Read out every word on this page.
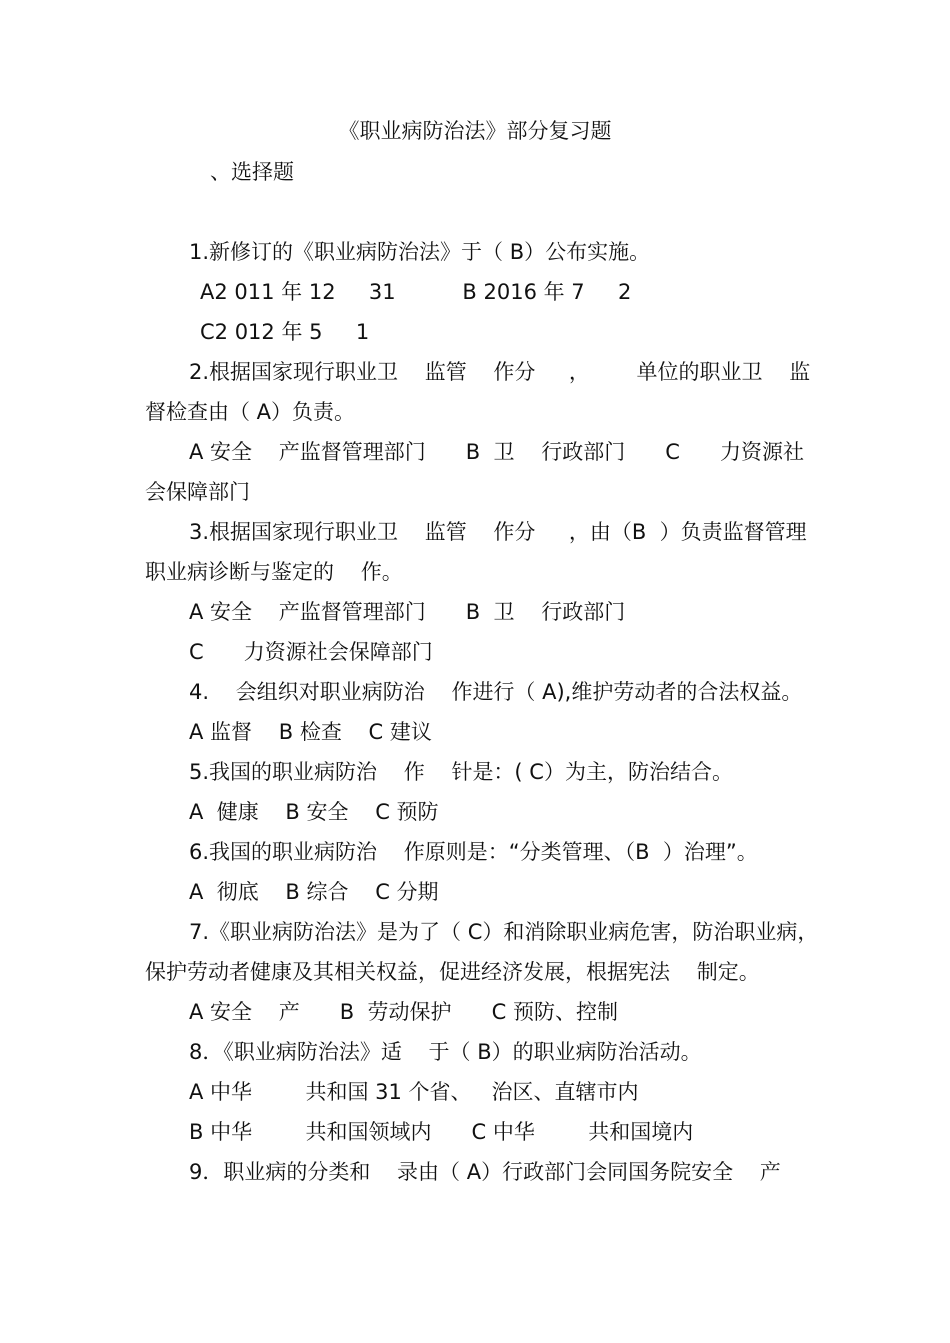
《职业病防治法》部分复习题
、选择题
1.新修订的《职业病防治法》于（ B）公布实施。
A2 011 年 12     31          B 2016 年 7     2
C2 012 年 5     1
2.根据国家现行职业卫    监管    作分     ，       单位的职业卫    监
督检查由（ A）负责。
A 安全    产监督管理部门      B  卫    行政部门      C      力资源社
会保障部门
3.根据国家现行职业卫    监管    作分     ，由（B  ）负责监督管理
职业病诊断与鉴定的    作。
A 安全    产监督管理部门      B  卫    行政部门
C      力资源社会保障部门
4.    会组织对职业病防治    作进行（ A),维护劳动者的合法权益。
A 监督    B 检查    C 建议
5.我国的职业病防治    作    针是：( C）为主，防治结合。
A  健康    B 安全    C 预防
6.我国的职业病防治    作原则是：“分类管理、（B  ）治理”。
A  彻底    B 综合    C 分期
7.《职业病防治法》是为了（ C）和消除职业病危害，防治职业病，
保护劳动者健康及其相关权益，促进经济发展，根据宪法    制定。
A 安全    产      B  劳动保护      C 预防、控制
8．《职业病防治法》适    于（ B）的职业病防治活动。
A 中华        共和国 31 个省、   治区、直辖市内
B 中华        共和国领域内      C 中华        共和国境内
9．职业病的分类和    录由（ A）行政部门会同国务院安全    产
